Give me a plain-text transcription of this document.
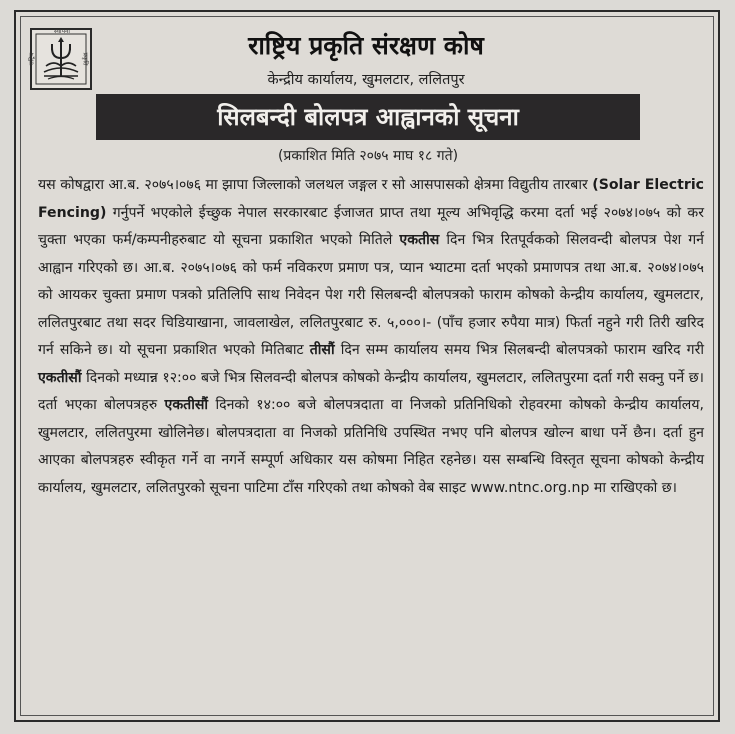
स्थापना
राष्ट्रिय	प्रकृति	राष्ट्रिय प्रकृति संरक्षण कोष
केन्द्रीय कार्यालय, खुमलटार, ललितपुर
सिलबन्दी बोलपत्र आह्वानको सूचना
(प्रकाशित मिति २०७५ माघ १८ गते)
यस कोषद्वारा आ.ब. २०७५।०७६ मा झापा जिल्लाको जलथल जङ्गल र सो आसपासको क्षेत्रमा विद्युतीय तारबार (Solar Electric Fencing) गर्नुपर्ने भएकोले ईच्छुक नेपाल सरकारबाट ईजाजत प्राप्त तथा मूल्य अभिवृद्धि करमा दर्ता भई २०७४।०७५ को कर चुक्ता भएका फर्म/कम्पनीहरुबाट यो सूचना प्रकाशित भएको मितिले एकतीस दिन भित्र रितपूर्वकको सिलवन्दी बोलपत्र पेश गर्न आह्वान गरिएको छ। आ.ब. २०७५।०७६ को फर्म नविकरण प्रमाण पत्र, प्यान भ्याटमा दर्ता भएको प्रमाणपत्र तथा आ.ब. २०७४।०७५ को आयकर चुक्ता प्रमाण पत्रको प्रतिलिपि साथ निवेदन पेश गरी सिलबन्दी बोलपत्रको फाराम कोषको केन्द्रीय कार्यालय, खुमलटार, ललितपुरबाट तथा सदर चिडियाखाना, जावलाखेल, ललितपुरबाट रु. ५,०००।- (पाँच हजार रुपैया मात्र) फिर्ता नहुने गरी तिरी खरिद गर्न सकिने छ। यो सूचना प्रकाशित भएको मितिबाट तीसौं दिन सम्म कार्यालय समय भित्र सिलबन्दी बोलपत्रको फाराम खरिद गरी एकतीसौं दिनको मध्यान्न १२:०० बजे भित्र सिलवन्दी बोलपत्र कोषको केन्द्रीय कार्यालय, खुमलटार, ललितपुरमा दर्ता गरी सक्नु पर्ने छ। दर्ता भएका बोलपत्रहरु एकतीसौं दिनको १४:०० बजे बोलपत्रदाता वा निजको प्रतिनिधिको रोहवरमा कोषको केन्द्रीय कार्यालय, खुमलटार, ललितपुरमा खोलिनेछ। बोलपत्रदाता वा निजको प्रतिनिधि उपस्थित नभए पनि बोलपत्र खोल्न बाधा पर्ने छैन। दर्ता हुन आएका बोलपत्रहरु स्वीकृत गर्ने वा नगर्ने सम्पूर्ण अधिकार यस कोषमा निहित रहनेछ। यस सम्बन्धि विस्तृत सूचना कोषको केन्द्रीय कार्यालय, खुमलटार, ललितपुरको सूचना पाटिमा टाँस गरिएको तथा कोषको वेब साइट www.ntnc.org.np मा राखिएको छ।
